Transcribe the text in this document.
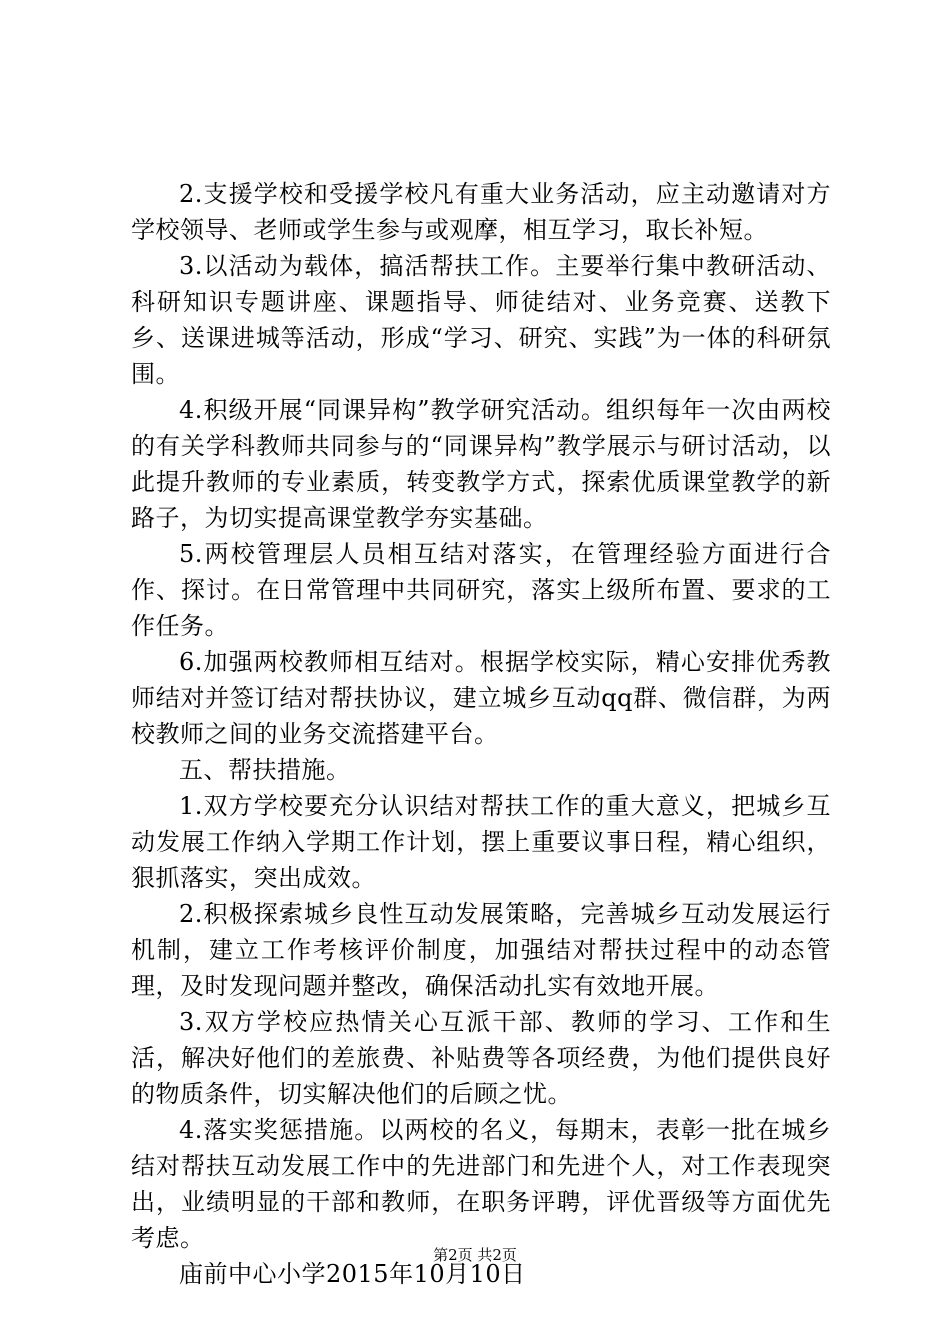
2.支援学校和受援学校凡有重大业务活动，应主动邀请对方学校领导、老师或学生参与或观摩，相互学习，取长补短。

3.以活动为载体，搞活帮扶工作。主要举行集中教研活动、科研知识专题讲座、课题指导、师徒结对、业务竞赛、送教下乡、送课进城等活动，形成“学习、研究、实践”为一体的科研氛围。

4.积级开展“同课异构”教学研究活动。组织每年一次由两校的有关学科教师共同参与的“同课异构”教学展示与研讨活动，以此提升教师的专业素质，转变教学方式，探索优质课堂教学的新路子，为切实提高课堂教学夯实基础。

5.两校管理层人员相互结对落实，在管理经验方面进行合作、探讨。在日常管理中共同研究，落实上级所布置、要求的工作任务。

6.加强两校教师相互结对。根据学校实际，精心安排优秀教师结对并签订结对帮扶协议，建立城乡互动qq群、微信群，为两校教师之间的业务交流搭建平台。

五、帮扶措施。

1.双方学校要充分认识结对帮扶工作的重大意义，把城乡互动发展工作纳入学期工作计划，摆上重要议事日程，精心组织，狠抓落实，突出成效。

2.积极探索城乡良性互动发展策略，完善城乡互动发展运行机制，建立工作考核评价制度，加强结对帮扶过程中的动态管理，及时发现问题并整改，确保活动扎实有效地开展。

3.双方学校应热情关心互派干部、教师的学习、工作和生活，解决好他们的差旅费、补贴费等各项经费，为他们提供良好的物质条件，切实解决他们的后顾之忧。

4.落实奖惩措施。以两校的名义，每期末，表彰一批在城乡结对帮扶互动发展工作中的先进部门和先进个人，对工作表现突出，业绩明显的干部和教师，在职务评聘，评优晋级等方面优先考虑。

庙前中心小学2015年10月10日

第2页 共2页
